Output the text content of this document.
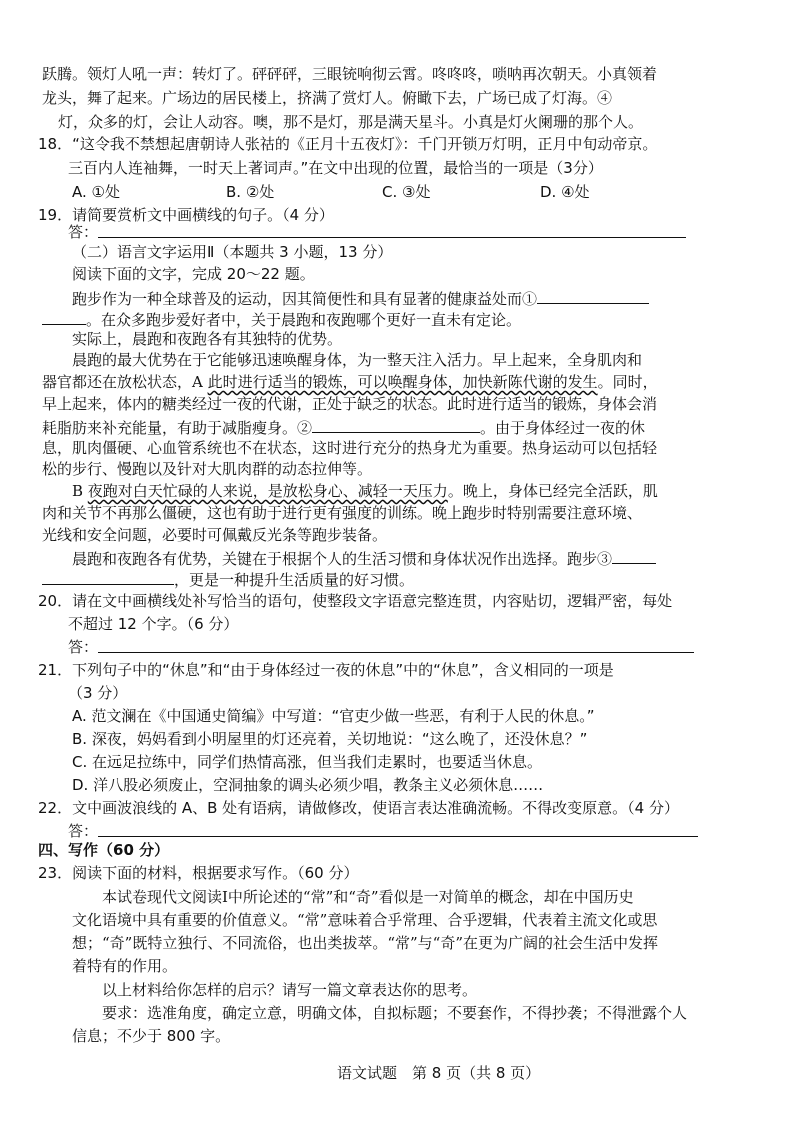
跃腾。领灯人吼一声：转灯了。砰砰砰，三眼铳响彻云霄。咚咚咚，唢呐再次朝天。小真领着
龙头，舞了起来。广场边的居民楼上，挤满了赏灯人。俯瞰下去，广场已成了灯海。④
灯，众多的灯，会让人动容。噢，那不是灯，那是满天星斗。小真是灯火阑珊的那个人。
18．“这令我不禁想起唐朝诗人张祜的《正月十五夜灯》：千门开锁万灯明，正月中旬动帝京。
三百内人连袖舞，一时天上著词声。”在文中出现的位置，最恰当的一项是（3分）
A. ①处	B. ②处	C. ③处	D. ④处
19．请简要赏析文中画横线的句子。（4 分）
答：
（二）语言文字运用Ⅱ（本题共 3 小题，13 分）
阅读下面的文字，完成 20～22 题。
跑步作为一种全球普及的运动，因其简便性和具有显著的健康益处而①
。在众多跑步爱好者中，关于晨跑和夜跑哪个更好一直未有定论。
实际上，晨跑和夜跑各有其独特的优势。
晨跑的最大优势在于它能够迅速唤醒身体，为一整天注入活力。早上起来，全身肌肉和
器官都还在放松状态，A 此时进行适当的锻炼，可以唤醒身体，加快新陈代谢的发生。同时，
早上起来，体内的糖类经过一夜的代谢，正处于缺乏的状态。此时进行适当的锻炼，身体会消
耗脂肪来补充能量，有助于减脂瘦身。②	。由于身体经过一夜的休
息，肌肉僵硬、心血管系统也不在状态，这时进行充分的热身尤为重要。热身运动可以包括轻
松的步行、慢跑以及针对大肌肉群的动态拉伸等。
B 夜跑对白天忙碌的人来说，是放松身心、减轻一天压力。晚上，身体已经完全活跃，肌
肉和关节不再那么僵硬，这也有助于进行更有强度的训练。晚上跑步时特别需要注意环境、
光线和安全问题，必要时可佩戴反光条等跑步装备。
晨跑和夜跑各有优势，关键在于根据个人的生活习惯和身体状况作出选择。跑步③
，更是一种提升生活质量的好习惯。
20．请在文中画横线处补写恰当的语句，使整段文字语意完整连贯，内容贴切，逻辑严密，每处
不超过 12 个字。（6 分）
答：
21．下列句子中的“休息”和“由于身体经过一夜的休息”中的“休息”，含义相同的一项是
（3 分）
A. 范文澜在《中国通史简编》中写道：“官吏少做一些恶，有利于人民的休息。”
B. 深夜，妈妈看到小明屋里的灯还亮着，关切地说：“这么晚了，还没休息？”
C. 在远足拉练中，同学们热情高涨，但当我们走累时，也要适当休息。
D. 洋八股必须废止，空洞抽象的调头必须少唱，教条主义必须休息……
22．文中画波浪线的 A、B 处有语病，请做修改，使语言表达准确流畅。不得改变原意。（4 分）
答：
四、写作（60 分）
23．阅读下面的材料，根据要求写作。（60 分）
本试卷现代文阅读Ⅰ中所论述的“常”和“奇”看似是一对简单的概念，却在中国历史
文化语境中具有重要的价值意义。“常”意味着合乎常理、合乎逻辑，代表着主流文化或思
想；“奇”既特立独行、不同流俗，也出类拔萃。“常”与“奇”在更为广阔的社会生活中发挥
着特有的作用。
以上材料给你怎样的启示？请写一篇文章表达你的思考。
要求：选准角度，确定立意，明确文体，自拟标题；不要套作，不得抄袭；不得泄露个人
信息；不少于 800 字。
语文试题　第 8 页（共 8 页）
